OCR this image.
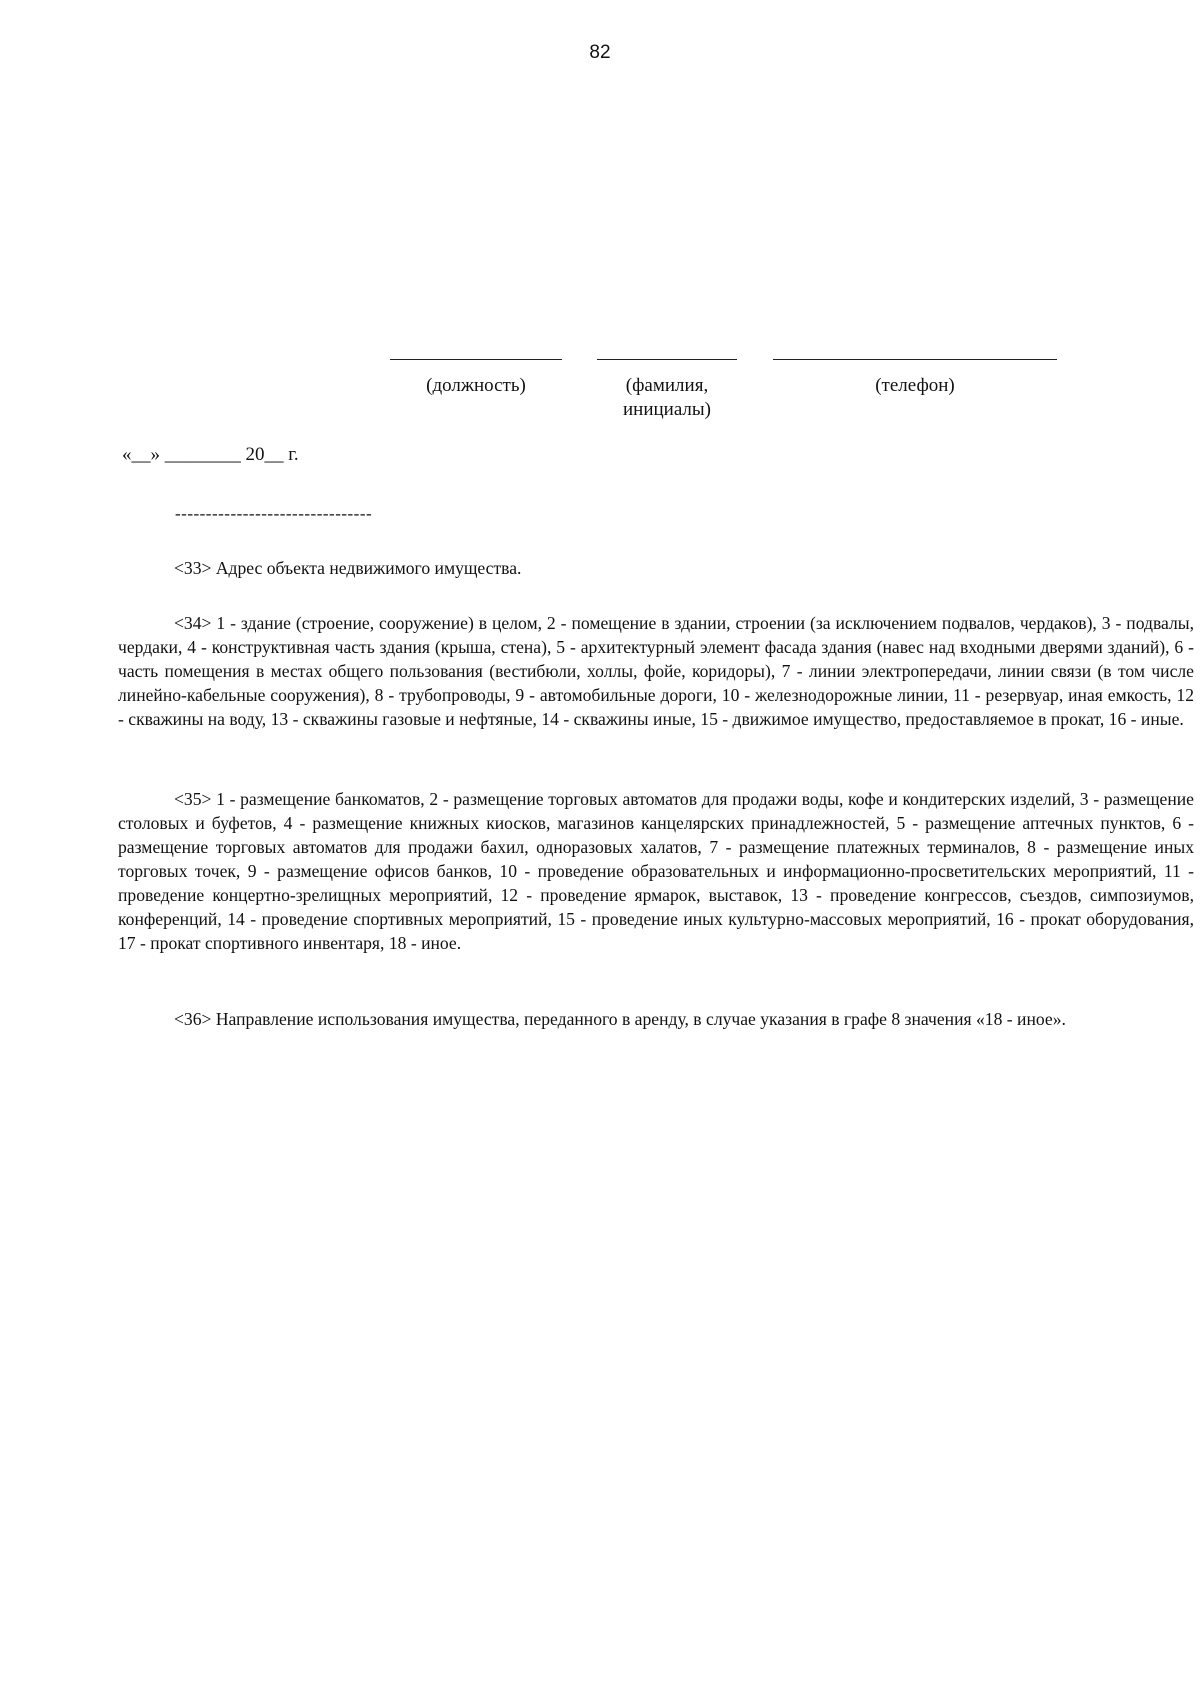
82
(должность)	(фамилия,
инициалы)
(телефон)
«__» ________ 20__ г.
--------------------------------

<33> Адрес объекта недвижимого имущества.

<34> 1 - здание (строение, сооружение) в целом, 2 - помещение в здании, строении (за исключением подвалов, чердаков), 3 - подвалы, чердаки, 4 - конструктивная часть здания (крыша, стена), 5 - архитектурный элемент фасада здания (навес над входными дверями зданий), 6 - часть помещения в местах общего пользования (вестибюли, холлы, фойе, коридоры), 7 - линии электропередачи, линии связи (в том числе линейно-кабельные сооружения), 8 - трубопроводы, 9 - автомобильные дороги, 10 - железнодорожные линии, 11 - резервуар, иная емкость, 12 - скважины на воду, 13 - скважины газовые и нефтяные, 14 - скважины иные, 15 - движимое имущество, предоставляемое в прокат, 16 - иные.

<35> 1 - размещение банкоматов, 2 - размещение торговых автоматов для продажи воды, кофе и кондитерских изделий, 3 - размещение столовых и буфетов, 4 - размещение книжных киосков, магазинов канцелярских принадлежностей, 5 - размещение аптечных пунктов, 6 - размещение торговых автоматов для продажи бахил, одноразовых халатов, 7 - размещение платежных терминалов, 8 - размещение иных торговых точек, 9 - размещение офисов банков, 10 - проведение образовательных и информационно-просветительских мероприятий, 11 - проведение концертно-зрелищных мероприятий, 12 - проведение ярмарок, выставок, 13 - проведение конгрессов, съездов, симпозиумов, конференций, 14 - проведение спортивных мероприятий, 15 - проведение иных культурно-массовых мероприятий, 16 - прокат оборудования, 17 - прокат спортивного инвентаря, 18 - иное.

<36> Направление использования имущества, переданного в аренду, в случае указания в графе 8 значения «18 - иное».
